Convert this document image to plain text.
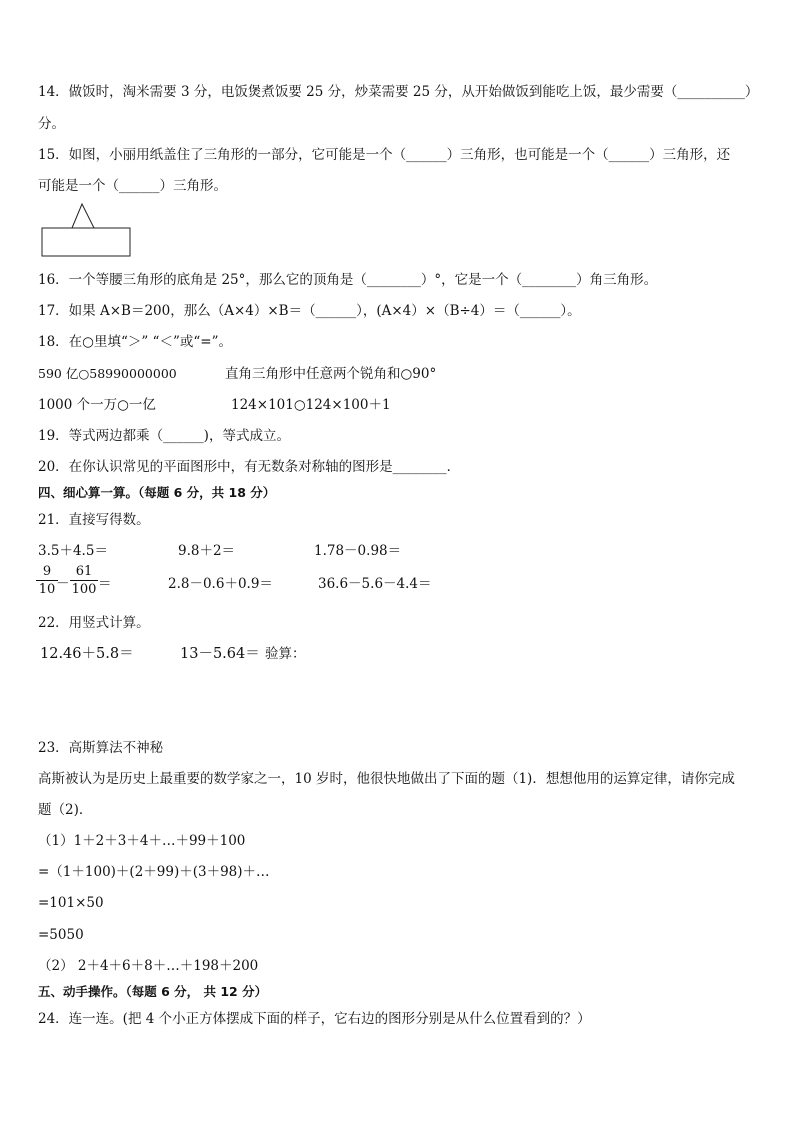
14．做饭时，淘米需要 3 分，电饭煲煮饭要 25 分，炒菜需要 25 分，从开始做饭到能吃上饭，最少需要（__________）
分。
15．如图，小丽用纸盖住了三角形的一部分，它可能是一个（______）三角形，也可能是一个（______）三角形，还
可能是一个（______）三角形。
16．一个等腰三角形的底角是 25°，那么它的顶角是（________）°，它是一个（________）角三角形。
17．如果 A×B＝200，那么（A×4）×B＝（______），(A×4）×（B÷4）＝（______）。
18．在○里填“＞” “＜”或“=”。
590 亿○58990000000	直角三角形中任意两个锐角和○90°
1000 个一万○一亿	124×101○124×100＋1
19．等式两边都乘（______)，等式成立。
20．在你认识常见的平面图形中，有无数条对称轴的图形是________．
四、细心算一算。（每题 6 分，共 18 分）
21．直接写得数。
3.5＋4.5＝	9.8＋2＝	1.78－0.98＝
9
10 －
61
100 ＝	2.8－0.6＋0.9＝	36.6－5.6－4.4＝
22．用竖式计算。
12.46＋5.8＝	13－5.64＝ 验算：
23．高斯算法不神秘
高斯被认为是历史上最重要的数学家之一，10 岁时，他很快地做出了下面的题（1)．想想他用的运算定律，请你完成
题（2)．
（1）1＋2＋3＋4＋…＋99＋100
=（1＋100)＋(2＋99)＋(3＋98)＋…
=101×50
=5050
（2） 2＋4＋6＋8＋…＋198＋200
五、动手操作。（每题 6 分， 共 12 分）
24．连一连。(把 4 个小正方体摆成下面的样子，它右边的图形分别是从什么位置看到的？）
